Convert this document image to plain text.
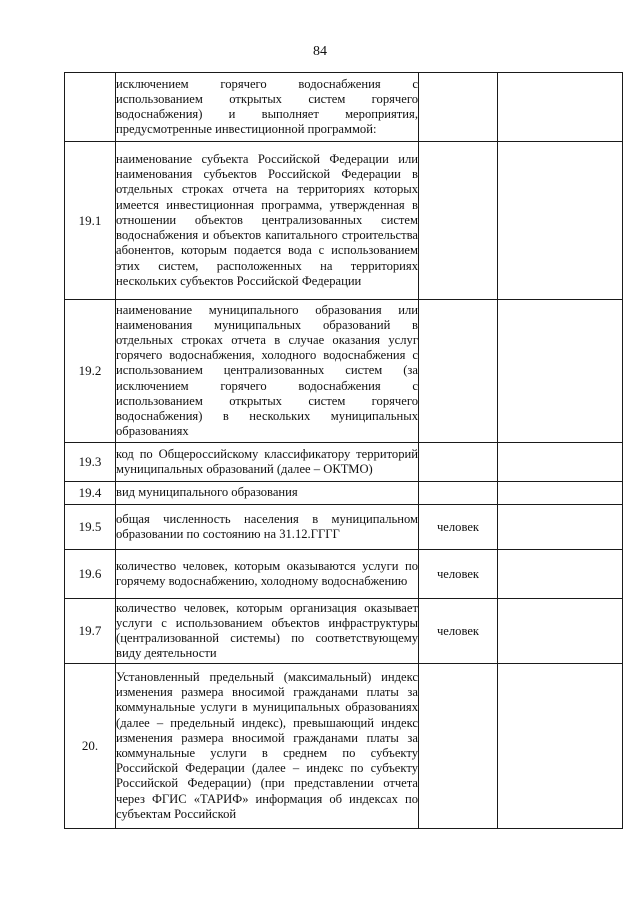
84

	исключением горячего водоснабжения с использованием открытых систем горячего водоснабжения) и выполняет мероприятия, предусмотренные инвестиционной программой:		

19.1	наименование субъекта Российской Федерации или наименования субъектов Российской Федерации в отдельных строках отчета на территориях которых имеется инвестиционная программа, утвержденная в отношении объектов централизованных систем водоснабжения и объектов капитального строительства абонентов, которым подается вода с использованием этих систем, расположенных на территориях нескольких субъектов Российской Федерации		

19.2	наименование муниципального образования или наименования муниципальных образований в отдельных строках отчета в случае оказания услуг горячего водоснабжения, холодного водоснабжения с использованием централизованных систем (за исключением горячего водоснабжения с использованием открытых систем горячего водоснабжения) в нескольких муниципальных образованиях		

19.3	код по Общероссийскому классификатору территорий муниципальных образований (далее – ОКТМО)		

19.4	вид муниципального образования		

19.5	общая численность населения в муниципальном образовании по состоянию на 31.12.ГГГГ	человек	
19.6	количество человек, которым оказываются услуги по горячему водоснабжению, холодному водоснабжению	человек	
19.7	количество человек, которым организация оказывает услуги с использованием объектов инфраструктуры (централизованной системы) по соответствующему виду деятельности	человек	
20.	Установленный предельный (максимальный) индекс изменения размера вносимой гражданами платы за коммунальные услуги в муниципальных образованиях (далее – предельный индекс), превышающий индекс изменения размера вносимой гражданами платы за коммунальные услуги в среднем по субъекту Российской Федерации (далее – индекс по субъекту Российской Федерации) (при представлении отчета через ФГИС «ТАРИФ» информация об индексах по субъектам Российской		
